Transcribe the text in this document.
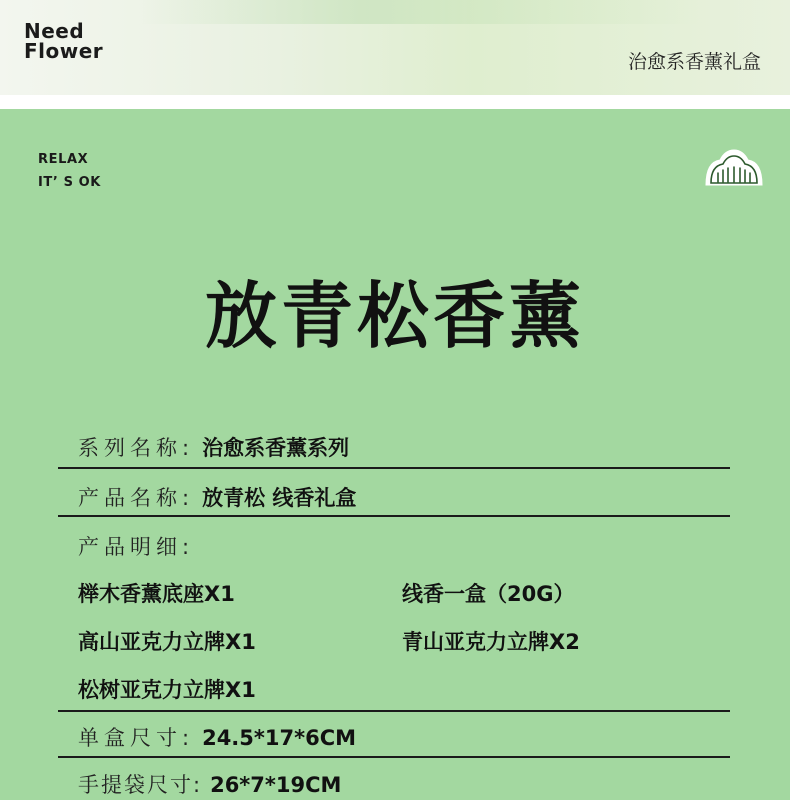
Need
Flower	治愈系香薰礼盒
RELAX
IT’ S OK
放青松香薰
系列名称: 治愈系香薰系列
产品名称: 放青松 线香礼盒
产品明细:
榉木香薰底座X1	线香一盒（20G）
高山亚克力立牌X1	青山亚克力立牌X2
松树亚克力立牌X1
单盒尺寸: 24.5*17*6CM
手提袋尺寸: 26*7*19CM
